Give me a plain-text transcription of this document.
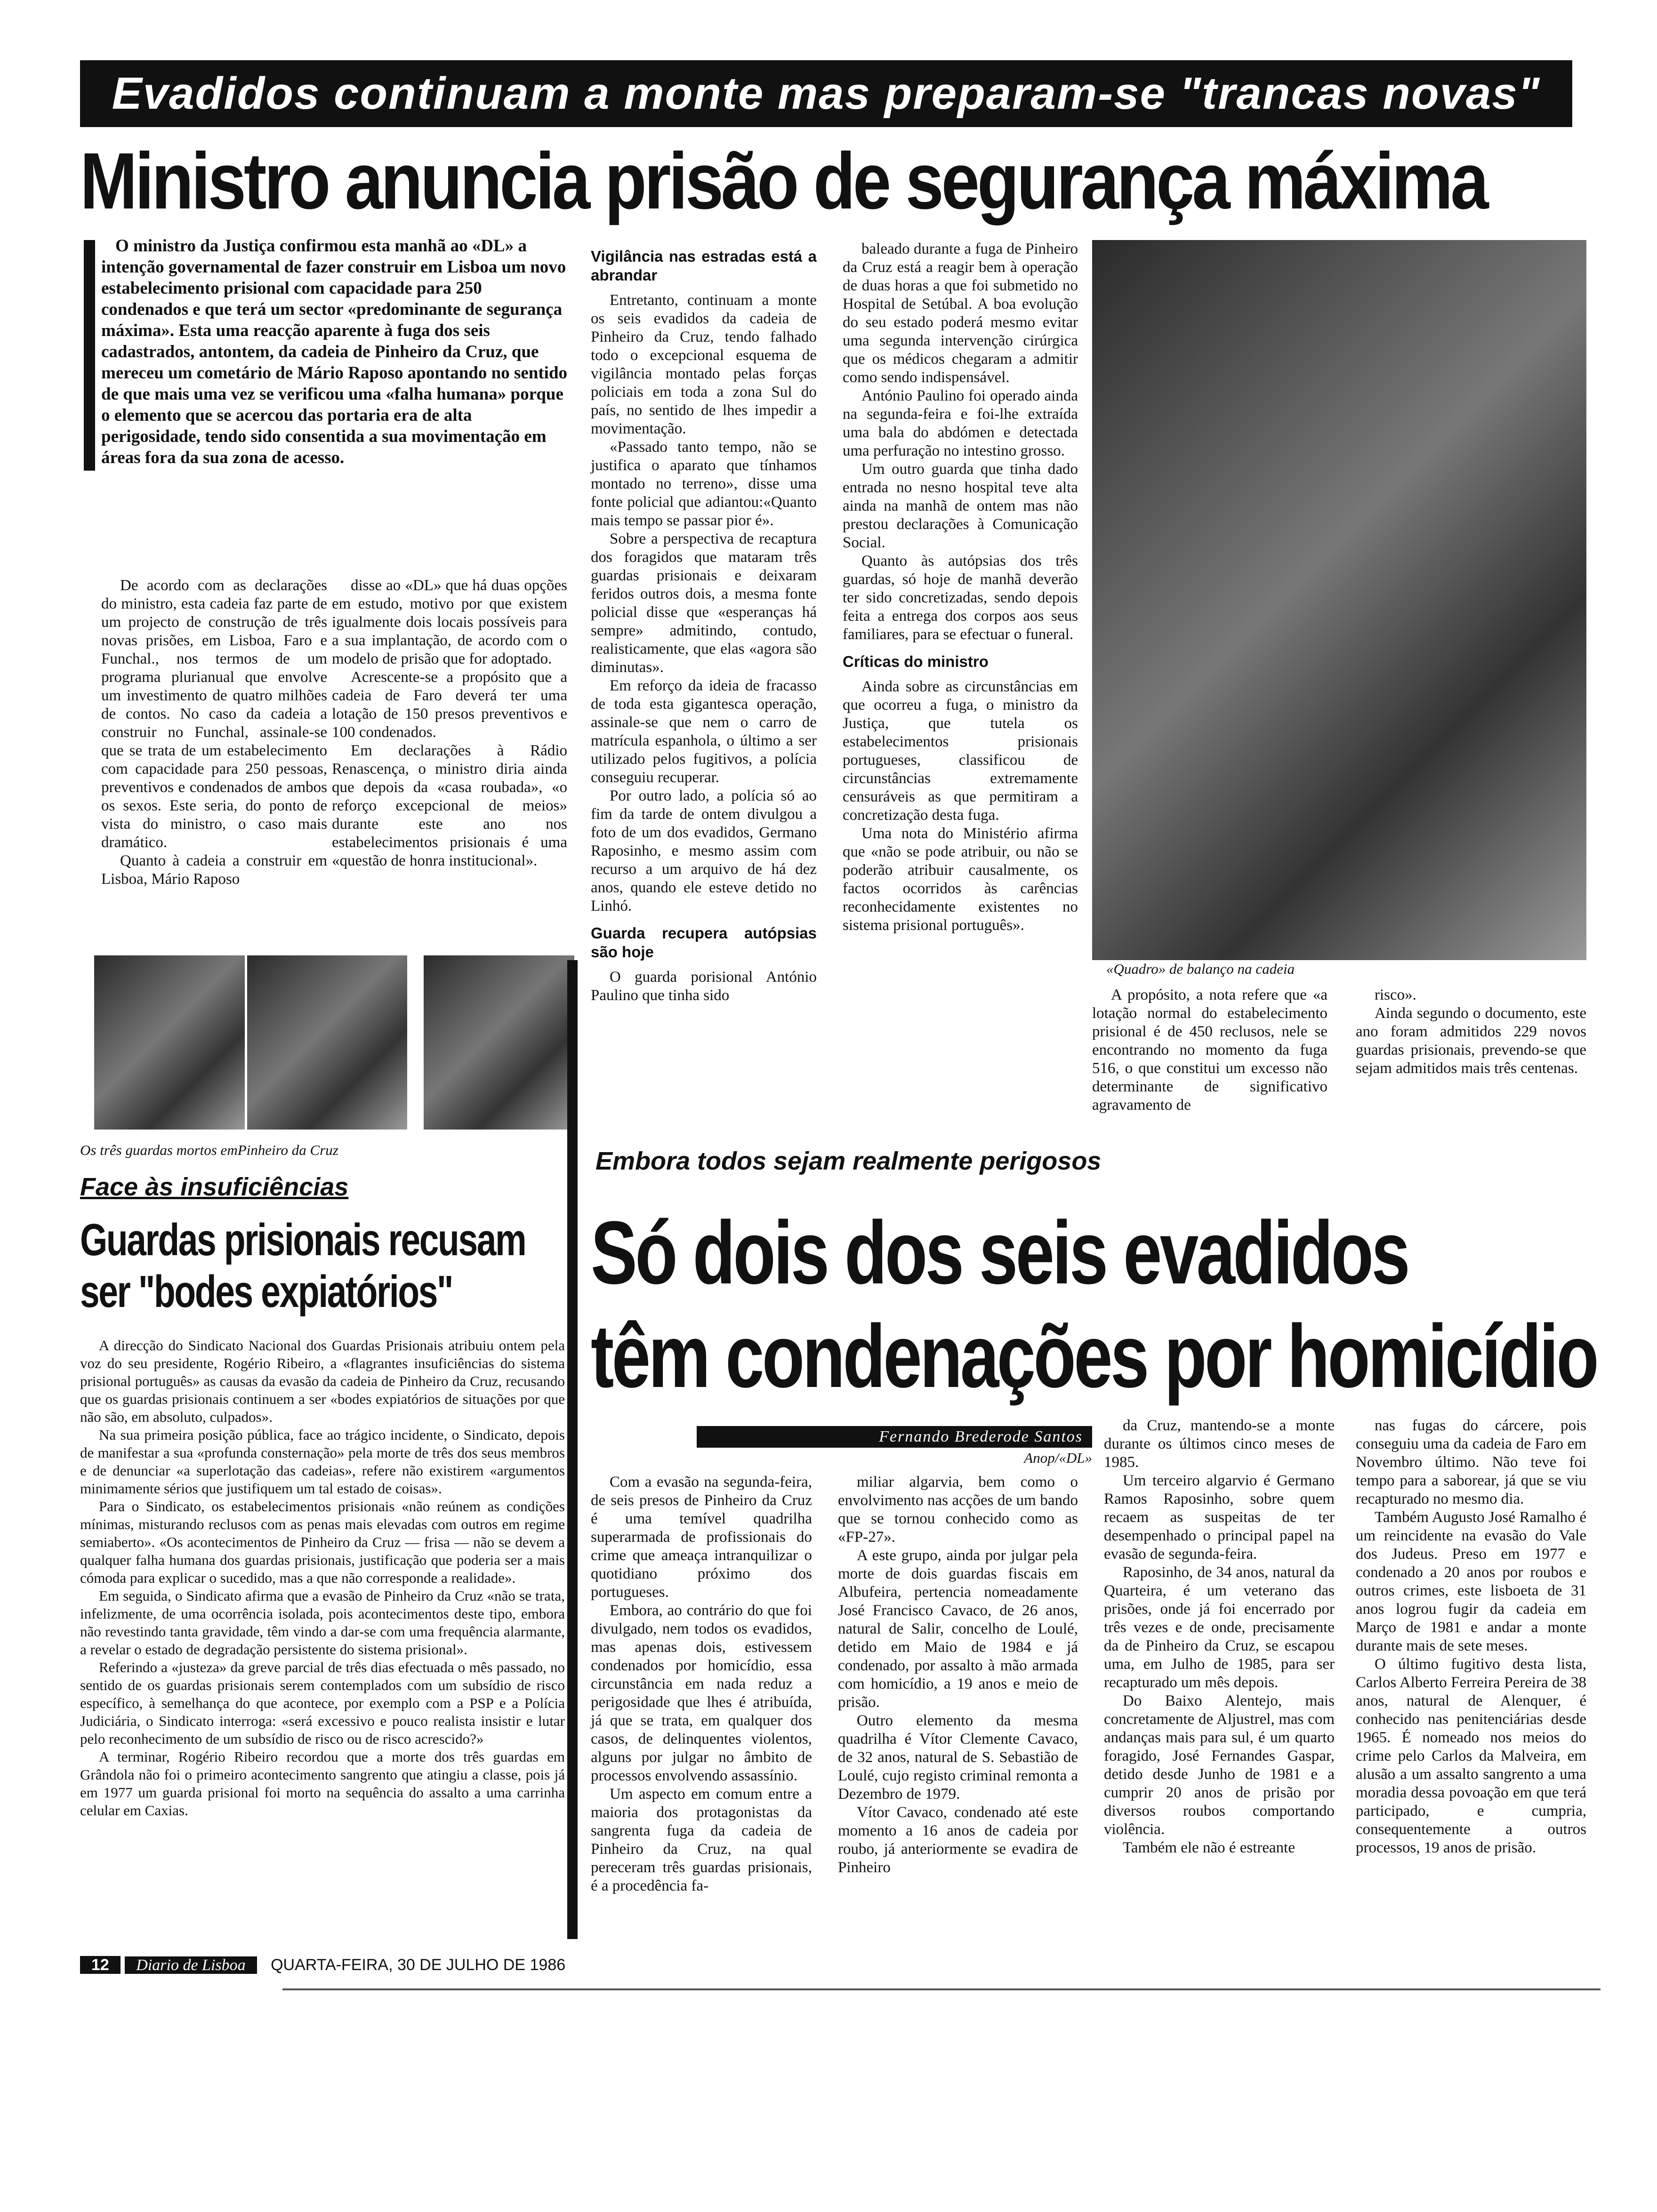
Evadidos continuam a monte mas preparam-se "trancas novas"
Ministro anuncia prisão de segurança máxima

O ministro da Justiça confirmou esta manhã ao «DL» a intenção governamental de fazer construir em Lisboa um novo estabelecimento prisional com capacidade para 250 condenados e que terá um sector «predominante de segurança máxima». Esta uma reacção aparente à fuga dos seis cadastrados, antontem, da cadeia de Pinheiro da Cruz, que mereceu um cometário de Mário Raposo apontando no sentido de que mais uma vez se verificou uma «falha humana» porque o elemento que se acercou das portaria era de alta perigosidade, tendo sido consentida a sua movimentação em áreas fora da sua zona de acesso.

De acordo com as declarações do ministro, esta cadeia faz parte de um projecto de construção de três novas prisões, em Lisboa, Faro e Funchal., nos termos de um programa plurianual que envolve um investimento de quatro milhões de contos. No caso da cadeia a construir no Funchal, assinale-se que se trata de um estabelecimento com capacidade para 250 pessoas, preventivos e condenados de ambos os sexos. Este seria, do ponto de vista do ministro, o caso mais dramático.

Quanto à cadeia a construir em Lisboa, Mário Raposo

disse ao «DL» que há duas opções em estudo, motivo por que existem igualmente dois locais possíveis para a sua implantação, de acordo com o modelo de prisão que for adoptado.

Acrescente-se a propósito que a cadeia de Faro deverá ter uma lotação de 150 presos preventivos e 100 condenados.

Em declarações à Rádio Renascença, o ministro diria ainda que depois da «casa roubada», «o reforço excepcional de meios» durante este ano nos estabelecimentos prisionais é uma «questão de honra institucional».

Vigilância nas estradas está a abrandar

Entretanto, continuam a monte os seis evadidos da cadeia de Pinheiro da Cruz, tendo falhado todo o excepcional esquema de vigilância montado pelas forças policiais em toda a zona Sul do país, no sentido de lhes impedir a movimentação.

«Passado tanto tempo, não se justifica o aparato que tínhamos montado no terreno», disse uma fonte policial que adiantou:«Quanto mais tempo se passar pior é».

Sobre a perspectiva de recaptura dos foragidos que mataram três guardas prisionais e deixaram feridos outros dois, a mesma fonte policial disse que «esperanças há sempre» admitindo, contudo, realisticamente, que elas «agora são diminutas».

Em reforço da ideia de fracasso de toda esta gigantesca operação, assinale-se que nem o carro de matrícula espanhola, o último a ser utilizado pelos fugitivos, a polícia conseguiu recuperar.

Por outro lado, a polícia só ao fim da tarde de ontem divulgou a foto de um dos evadidos, Germano Raposinho, e mesmo assim com recurso a um arquivo de há dez anos, quando ele esteve detido no Linhó.

Guarda recupera autópsias são hoje

O guarda porisional António Paulino que tinha sido

baleado durante a fuga de Pinheiro da Cruz está a reagir bem à operação de duas horas a que foi submetido no Hospital de Setúbal. A boa evolução do seu estado poderá mesmo evitar uma segunda intervenção cirúrgica que os médicos chegaram a admitir como sendo indispensável.

António Paulino foi operado ainda na segunda-feira e foi-lhe extraída uma bala do abdómen e detectada uma perfuração no intestino grosso.

Um outro guarda que tinha dado entrada no nesno hospital teve alta ainda na manhã de ontem mas não prestou declarações à Comunicação Social.

Quanto às autópsias dos três guardas, só hoje de manhã deverão ter sido concretizadas, sendo depois feita a entrega dos corpos aos seus familiares, para se efectuar o funeral.

Críticas do ministro

Ainda sobre as circunstâncias em que ocorreu a fuga, o ministro da Justiça, que tutela os estabelecimentos prisionais portugueses, classificou de circunstâncias extremamente censuráveis as que permitiram a concretização desta fuga.

Uma nota do Ministério afirma que «não se pode atribuir, ou não se poderão atribuir causalmente, os factos ocorridos às carências reconhecidamente existentes no sistema prisional português».

«Quadro» de balanço na cadeia

A propósito, a nota refere que «a lotação normal do estabelecimento prisional é de 450 reclusos, nele se encontrando no momento da fuga 516, o que constitui um excesso não determinante de significativo agravamento de

risco».

Ainda segundo o documento, este ano foram admitidos 229 novos guardas prisionais, prevendo-se que sejam admitidos mais três centenas.

Os três guardas mortos emPinheiro da Cruz
Face às insuficiências
Guardas prisionais recusam
ser "bodes expiatórios"

A direcção do Sindicato Nacional dos Guardas Prisionais atribuiu ontem pela voz do seu presidente, Rogério Ribeiro, a «flagrantes insuficiências do sistema prisional português» as causas da evasão da cadeia de Pinheiro da Cruz, recusando que os guardas prisionais continuem a ser «bodes expiatórios de situações por que não são, em absoluto, culpados».

Na sua primeira posição pública, face ao trágico incidente, o Sindicato, depois de manifestar a sua «profunda consternação» pela morte de três dos seus membros e de denunciar «a superlotação das cadeias», refere não existirem «argumentos minimamente sérios que justifiquem um tal estado de coisas».

Para o Sindicato, os estabelecimentos prisionais «não reúnem as condições mínimas, misturando reclusos com as penas mais elevadas com outros em regime semiaberto». «Os acontecimentos de Pinheiro da Cruz — frisa — não se devem a qualquer falha humana dos guardas prisionais, justificação que poderia ser a mais cómoda para explicar o sucedido, mas a que não corresponde a realidade».

Em seguida, o Sindicato afirma que a evasão de Pinheiro da Cruz «não se trata, infelizmente, de uma ocorrência isolada, pois acontecimentos deste tipo, embora não revestindo tanta gravidade, têm vindo a dar-se com uma frequência alarmante, a revelar o estado de degradação persistente do sistema prisional».

Referindo a «justeza» da greve parcial de três dias efectuada o mês passado, no sentido de os guardas prisionais serem contemplados com um subsídio de risco específico, à semelhança do que acontece, por exemplo com a PSP e a Polícia Judiciária, o Sindicato interroga: «será excessivo e pouco realista insistir e lutar pelo reconhecimento de um subsídio de risco ou de risco acrescido?»

A terminar, Rogério Ribeiro recordou que a morte dos três guardas em Grândola não foi o primeiro acontecimento sangrento que atingiu a classe, pois já em 1977 um guarda prisional foi morto na sequência do assalto a uma carrinha celular em Caxias.

Embora todos sejam realmente perigosos
Só dois dos seis evadidos
têm condenações por homicídio
Fernando Brederode Santos
Anop/«DL»

Com a evasão na segunda-feira, de seis presos de Pinheiro da Cruz é uma temível quadrilha superarmada de profissionais do crime que ameaça intranquilizar o quotidiano próximo dos portugueses.

Embora, ao contrário do que foi divulgado, nem todos os evadidos, mas apenas dois, estivessem condenados por homicídio, essa circunstância em nada reduz a perigosidade que lhes é atribuída, já que se trata, em qualquer dos casos, de delinquentes violentos, alguns por julgar no âmbito de processos envolvendo assassínio.

Um aspecto em comum entre a maioria dos protagonistas da sangrenta fuga da cadeia de Pinheiro da Cruz, na qual pereceram três guardas prisionais, é a procedência fa-

miliar algarvia, bem como o envolvimento nas acções de um bando que se tornou conhecido como as «FP-27».

A este grupo, ainda por julgar pela morte de dois guardas fiscais em Albufeira, pertencia nomeadamente José Francisco Cavaco, de 26 anos, natural de Salir, concelho de Loulé, detido em Maio de 1984 e já condenado, por assalto à mão armada com homicídio, a 19 anos e meio de prisão.

Outro elemento da mesma quadrilha é Vítor Clemente Cavaco, de 32 anos, natural de S. Sebastião de Loulé, cujo registo criminal remonta a Dezembro de 1979.

Vítor Cavaco, condenado até este momento a 16 anos de cadeia por roubo, já anteriormente se evadira de Pinheiro

da Cruz, mantendo-se a monte durante os últimos cinco meses de 1985.

Um terceiro algarvio é Germano Ramos Raposinho, sobre quem recaem as suspeitas de ter desempenhado o principal papel na evasão de segunda-feira.

Raposinho, de 34 anos, natural da Quarteira, é um veterano das prisões, onde já foi encerrado por três vezes e de onde, precisamente da de Pinheiro da Cruz, se escapou uma, em Julho de 1985, para ser recapturado um mês depois.

Do Baixo Alentejo, mais concretamente de Aljustrel, mas com andanças mais para sul, é um quarto foragido, José Fernandes Gaspar, detido desde Junho de 1981 e a cumprir 20 anos de prisão por diversos roubos comportando violência.

Também ele não é estreante

nas fugas do cárcere, pois conseguiu uma da cadeia de Faro em Novembro último. Não teve foi tempo para a saborear, já que se viu recapturado no mesmo dia.

Também Augusto José Ramalho é um reincidente na evasão do Vale dos Judeus. Preso em 1977 e condenado a 20 anos por roubos e outros crimes, este lisboeta de 31 anos logrou fugir da cadeia em Março de 1981 e andar a monte durante mais de sete meses.

O último fugitivo desta lista, Carlos Alberto Ferreira Pereira de 38 anos, natural de Alenquer, é conhecido nas penitenciárias desde 1965. É nomeado nos meios do crime pelo Carlos da Malveira, em alusão a um assalto sangrento a uma moradia dessa povoação em que terá participado, e cumpria, consequentemente a outros processos, 19 anos de prisão.

12 Diario de Lisboa QUARTA-FEIRA, 30 DE JULHO DE 1986
